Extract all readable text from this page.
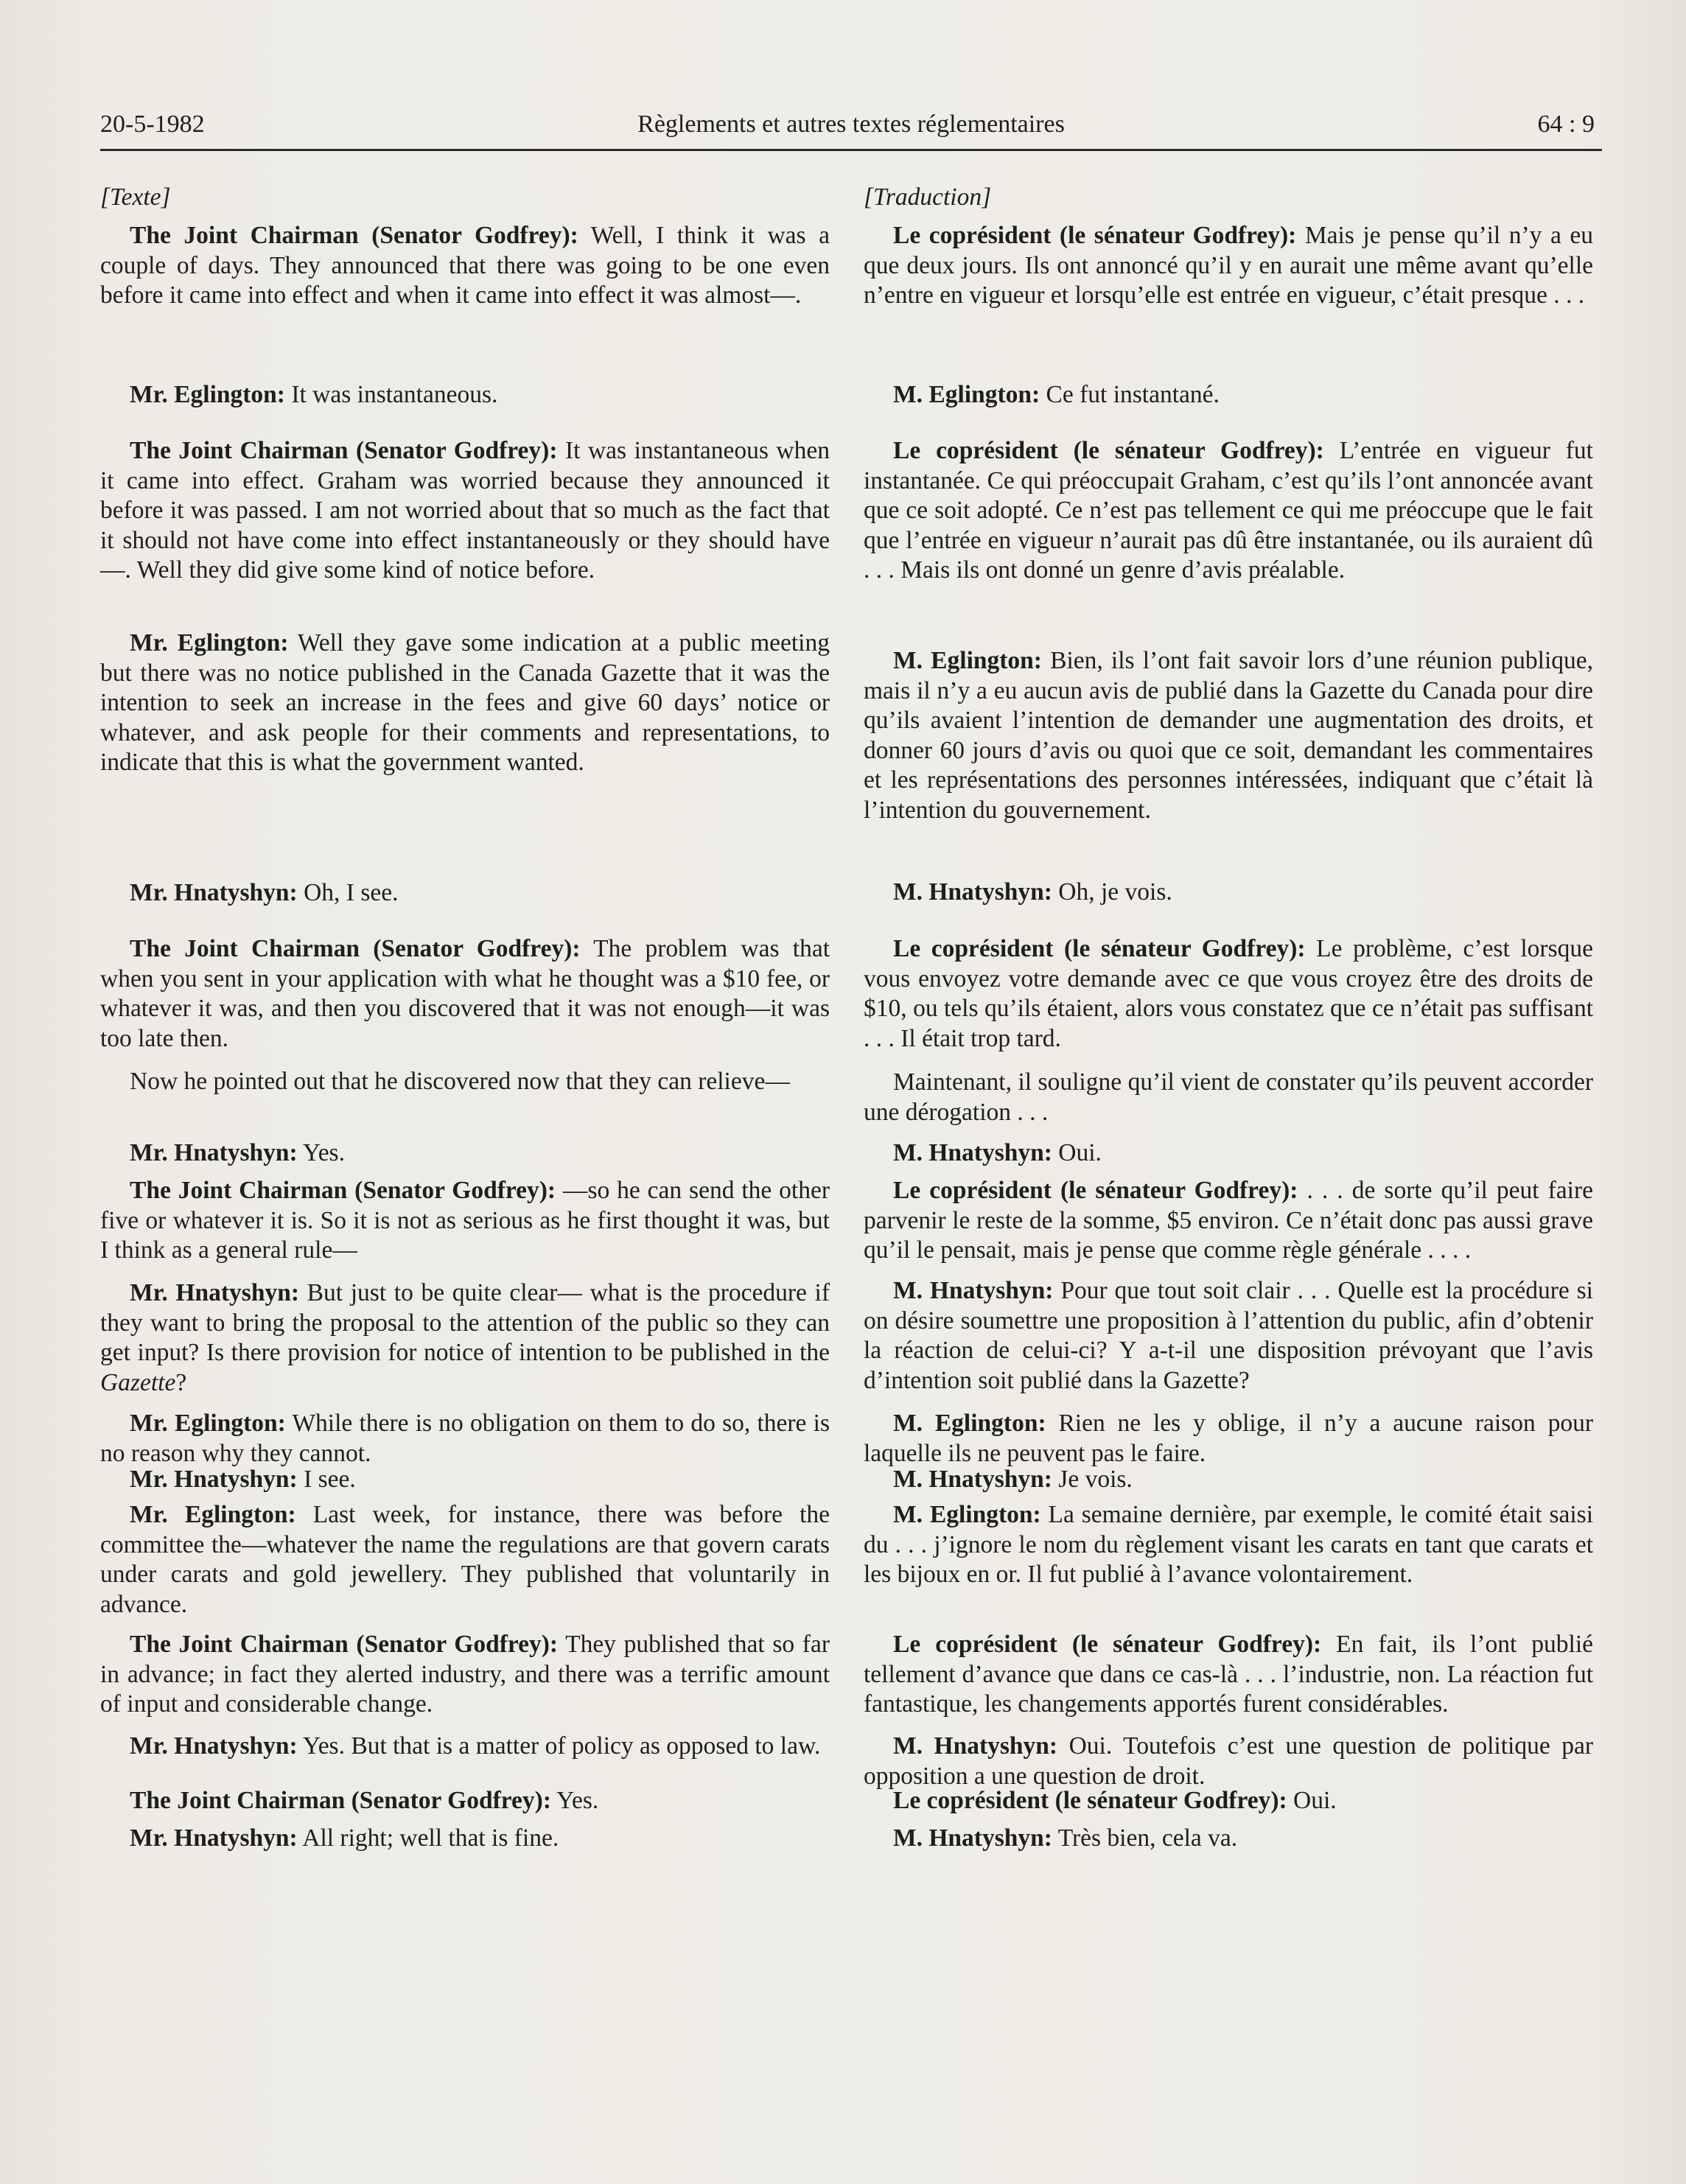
20-5-1982	Règlements et autres textes réglementaires	64 : 9
[Texte]

The Joint Chairman (Senator Godfrey): Well, I think it was a couple of days. They announced that there was going to be one even before it came into effect and when it came into effect it was almost—.

Mr. Eglington: It was instantaneous.

The Joint Chairman (Senator Godfrey): It was instantaneous when it came into effect. Graham was worried because they announced it before it was passed. I am not worried about that so much as the fact that it should not have come into effect instantaneously or they should have—. Well they did give some kind of notice before.

Mr. Eglington: Well they gave some indication at a public meeting but there was no notice published in the Canada Gazette that it was the intention to seek an increase in the fees and give 60 days’ notice or whatever, and ask people for their comments and representations, to indicate that this is what the government wanted.

Mr. Hnatyshyn: Oh, I see.

The Joint Chairman (Senator Godfrey): The problem was that when you sent in your application with what he thought was a $10 fee, or whatever it was, and then you discovered that it was not enough—it was too late then.

Now he pointed out that he discovered now that they can relieve—

Mr. Hnatyshyn: Yes.

The Joint Chairman (Senator Godfrey): —so he can send the other five or whatever it is. So it is not as serious as he first thought it was, but I think as a general rule—

Mr. Hnatyshyn: But just to be quite clear— what is the procedure if they want to bring the proposal to the attention of the public so they can get input? Is there provision for notice of intention to be published in the Gazette?

Mr. Eglington: While there is no obligation on them to do so, there is no reason why they cannot.

Mr. Hnatyshyn: I see.

Mr. Eglington: Last week, for instance, there was before the committee the—whatever the name the regulations are that govern carats under carats and gold jewellery. They published that voluntarily in advance.

The Joint Chairman (Senator Godfrey): They published that so far in advance; in fact they alerted industry, and there was a terrific amount of input and considerable change.

Mr. Hnatyshyn: Yes. But that is a matter of policy as opposed to law.

The Joint Chairman (Senator Godfrey): Yes.

Mr. Hnatyshyn: All right; well that is fine.

[Traduction]

Le coprésident (le sénateur Godfrey): Mais je pense qu’il n’y a eu que deux jours. Ils ont annoncé qu’il y en aurait une même avant qu’elle n’entre en vigueur et lorsqu’elle est entrée en vigueur, c’était presque . . .

M. Eglington: Ce fut instantané.

Le coprésident (le sénateur Godfrey): L’entrée en vigueur fut instantanée. Ce qui préoccupait Graham, c’est qu’ils l’ont annoncée avant que ce soit adopté. Ce n’est pas tellement ce qui me préoccupe que le fait que l’entrée en vigueur n’aurait pas dû être instantanée, ou ils auraient dû . . . Mais ils ont donné un genre d’avis préalable.

M. Eglington: Bien, ils l’ont fait savoir lors d’une réunion publique, mais il n’y a eu aucun avis de publié dans la Gazette du Canada pour dire qu’ils avaient l’intention de demander une augmentation des droits, et donner 60 jours d’avis ou quoi que ce soit, demandant les commentaires et les représentations des personnes intéressées, indiquant que c’était là l’intention du gouvernement.

M. Hnatyshyn: Oh, je vois.

Le coprésident (le sénateur Godfrey): Le problème, c’est lorsque vous envoyez votre demande avec ce que vous croyez être des droits de $10, ou tels qu’ils étaient, alors vous constatez que ce n’était pas suffisant . . . Il était trop tard.

Maintenant, il souligne qu’il vient de constater qu’ils peuvent accorder une dérogation . . .

M. Hnatyshyn: Oui.

Le coprésident (le sénateur Godfrey): . . . de sorte qu’il peut faire parvenir le reste de la somme, $5 environ. Ce n’était donc pas aussi grave qu’il le pensait, mais je pense que comme règle générale . . . .

M. Hnatyshyn: Pour que tout soit clair . . . Quelle est la procédure si on désire soumettre une proposition à l’attention du public, afin d’obtenir la réaction de celui-ci? Y a-t-il une disposition prévoyant que l’avis d’intention soit publié dans la Gazette?

M. Eglington: Rien ne les y oblige, il n’y a aucune raison pour laquelle ils ne peuvent pas le faire.

M. Hnatyshyn: Je vois.

M. Eglington: La semaine dernière, par exemple, le comité était saisi du . . . j’ignore le nom du règlement visant les carats en tant que carats et les bijoux en or. Il fut publié à l’avance volontairement.

Le coprésident (le sénateur Godfrey): En fait, ils l’ont publié tellement d’avance que dans ce cas-là . . . l’industrie, non. La réaction fut fantastique, les changements apportés furent considérables.

M. Hnatyshyn: Oui. Toutefois c’est une question de politique par opposition a une question de droit.

Le coprésident (le sénateur Godfrey): Oui.

M. Hnatyshyn: Très bien, cela va.
